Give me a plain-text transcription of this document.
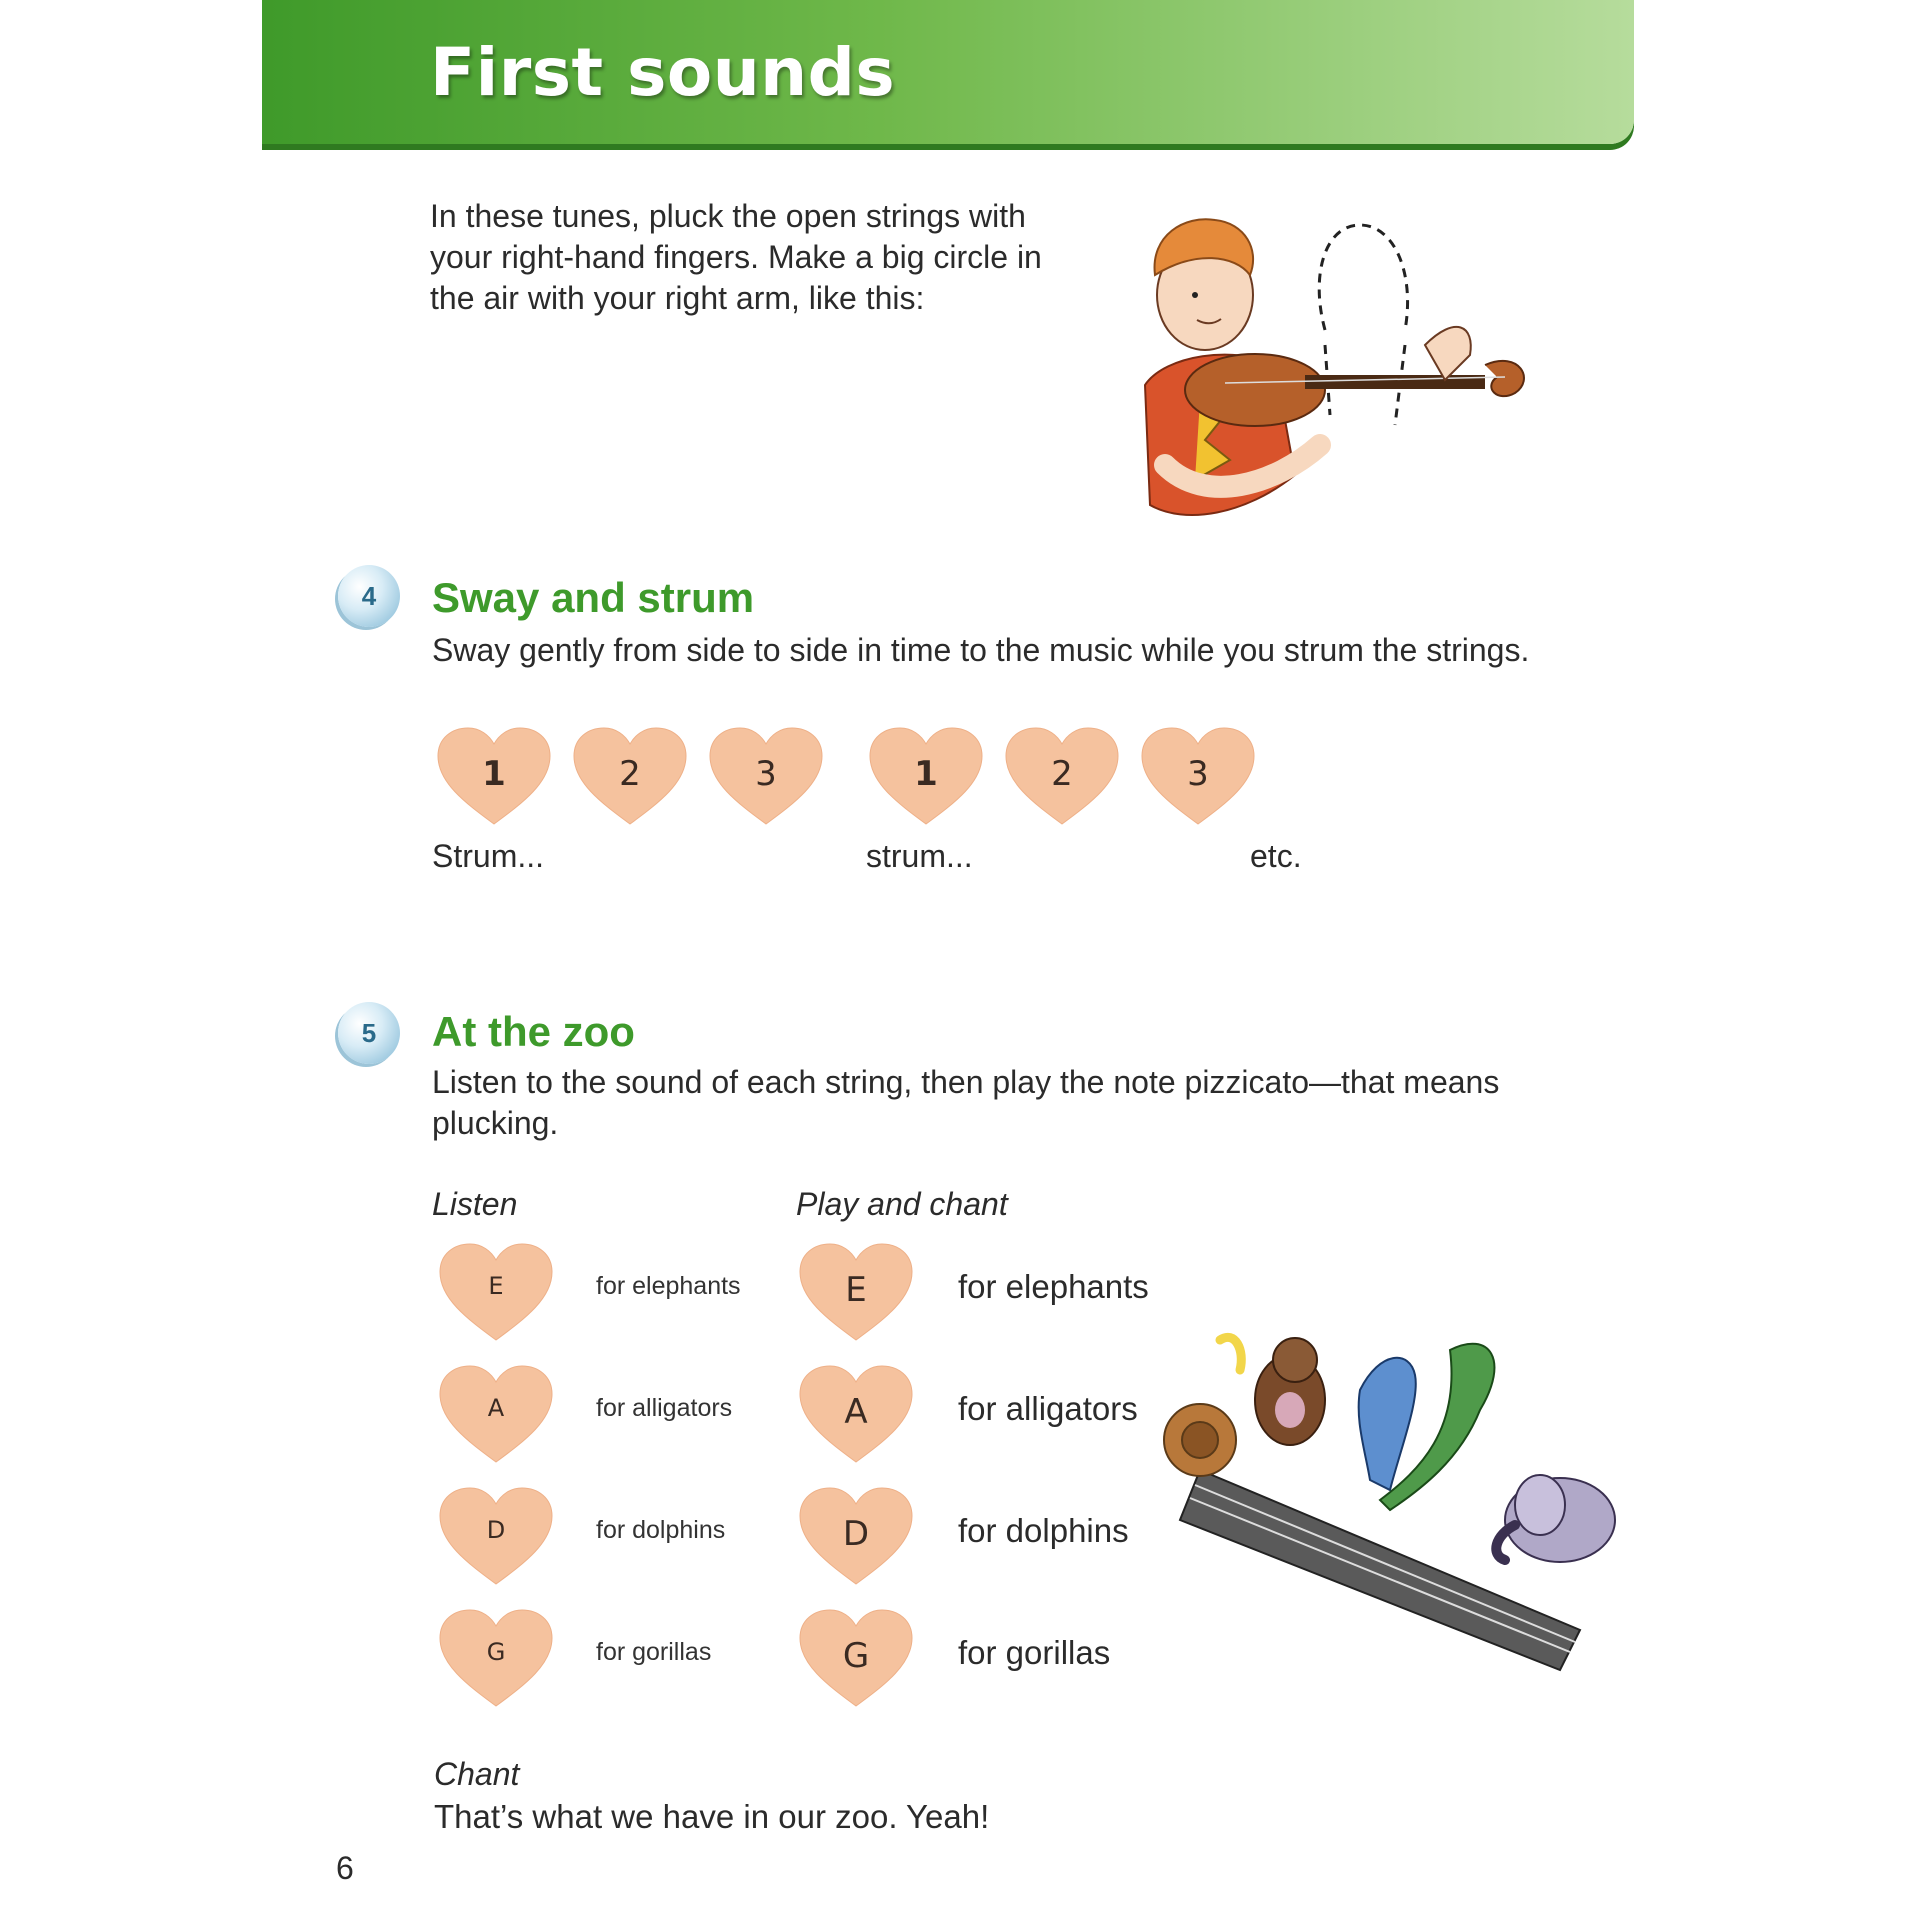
First sounds
In these tunes, pluck the open strings with your right-hand fingers. Make a big circle in the air with your right arm, like this:
4	Sway and strum
Sway gently from side to side in time to the music while you strum the strings.
1	2	3	1	2	3
Strum...	strum...	etc.
5	At the zoo
Listen to the sound of each string, then play the note pizzicato—that means plucking.
Listen	Play and chant
E	for elephants	E	for elephants
A	for alligators	A	for alligators
D	for dolphins	D	for dolphins
G	for gorillas	G	for gorillas
Chant
That’s what we have in our zoo. Yeah!
6
